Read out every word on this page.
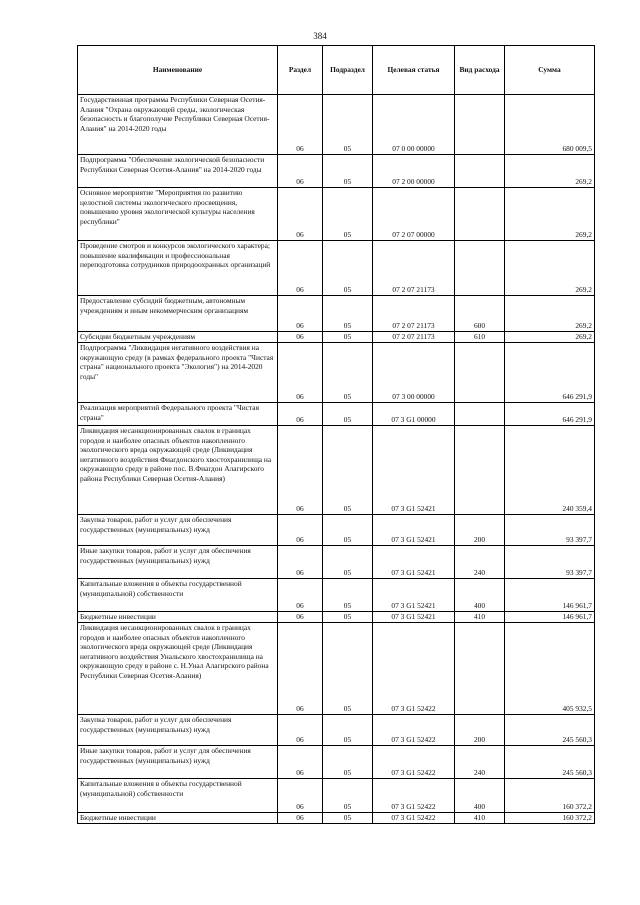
384
Наименование	Раздел	Подраздел	Целевая статья	Вид расхода	Сумма
Государственная программа Республики Северная Осетия-Алания "Охрана окружающей среды, экологическая безопасность и благополучие Республики Северная Осетия-Алания" на 2014-2020 годы	06	05	07 0 00 00000		680 009,5
Подпрограмма "Обеспечение экологической безопасности Республики Северная Осетия-Алания" на 2014-2020 годы	06	05	07 2 00 00000		269,2
Основное мероприятие "Мероприятия по развитию целостной системы экологического просвещения, повышению уровня экологической культуры населения республики"	06	05	07 2 07 00000		269,2
Проведение смотров и конкурсов экологического характера; повышение квалификации и профессиональная переподготовка сотрудников природоохранных организаций	06	05	07 2 07 21173		269,2
Предоставление субсидий бюджетным, автономным учреждениям и иным некоммерческим организациям	06	05	07 2 07 21173	600	269,2
Субсидии бюджетным учреждениям	06	05	07 2 07 21173	610	269,2
Подпрограмма "Ликвидация негативного воздействия на окружающую среду (в рамках федерального проекта "Чистая страна" национального проекта "Экология") на 2014-2020 годы"	06	05	07 3 00 00000		646 291,9
Реализация мероприятий Федерального проекта "Чистая страна"	06	05	07 3 G1 00000		646 291,9
Ликвидация несанкционированных свалок в границах городов и наиболее опасных объектов накопленного экологического вреда окружающей среде (Ликвидация негативного воздействия Фиагдонского хвостохранилища на окружающую среду в районе пос. В.Фиагдон Алагирского района Республики Северная Осетия-Алания)	06	05	07 3 G1 52421		240 359,4
Закупка товаров, работ и услуг для обеспечения государственных (муниципальных) нужд	06	05	07 3 G1 52421	200	93 397,7
Иные закупки товаров, работ и услуг для обеспечения государственных (муниципальных) нужд	06	05	07 3 G1 52421	240	93 397,7
Капитальные вложения в объекты государственной (муниципальной) собственности	06	05	07 3 G1 52421	400	146 961,7
Бюджетные инвестиции	06	05	07 3 G1 52421	410	146 961,7
Ликвидация несанкционированных свалок в границах городов и наиболее опасных объектов накопленного экологического вреда окружающей среде (Ликвидация негативного воздействия Унальского хвостохранилища на окружающую среду в районе с. Н.Унал Алагирского района Республики Северная Осетия-Алания)	06	05	07 3 G1 52422		405 932,5
Закупка товаров, работ и услуг для обеспечения государственных (муниципальных) нужд	06	05	07 3 G1 52422	200	245 560,3
Иные закупки товаров, работ и услуг для обеспечения государственных (муниципальных) нужд	06	05	07 3 G1 52422	240	245 560,3
Капитальные вложения в объекты государственной (муниципальной) собственности	06	05	07 3 G1 52422	400	160 372,2
Бюджетные инвестиции	06	05	07 3 G1 52422	410	160 372,2
